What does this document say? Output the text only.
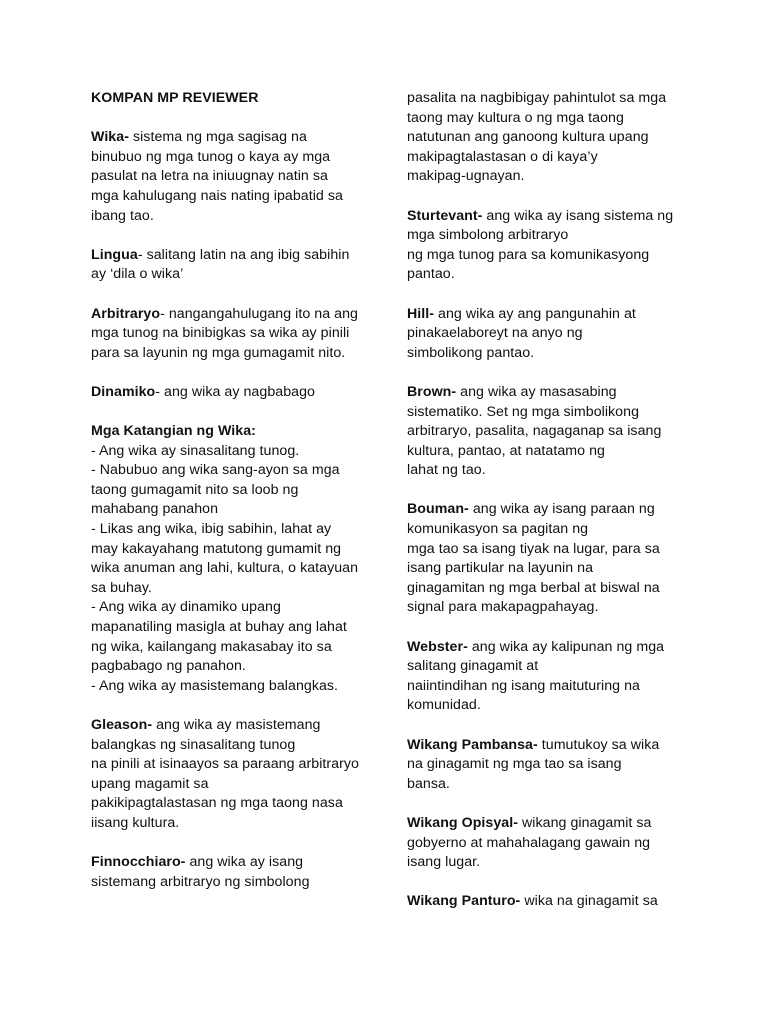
KOMPAN MP REVIEWER
Wika- sistema ng mga sagisag na
binubuo ng mga tunog o kaya ay mga
pasulat na letra na iniuugnay natin sa
mga kahulugang nais nating ipabatid sa
ibang tao.
Lingua- salitang latin na ang ibig sabihin
ay ‘dila o wika’
Arbitraryo- nangangahulugang ito na ang
mga tunog na binibigkas sa wika ay pinili
para sa layunin ng mga gumagamit nito.
Dinamiko- ang wika ay nagbabago
Mga Katangian ng Wika:
- Ang wika ay sinasalitang tunog.
- Nabubuo ang wika sang-ayon sa mga
taong gumagamit nito sa loob ng
mahabang panahon
- Likas ang wika, ibig sabihin, lahat ay
may kakayahang matutong gumamit ng
wika anuman ang lahi, kultura, o katayuan
sa buhay.
- Ang wika ay dinamiko upang
mapanatiling masigla at buhay ang lahat
ng wika, kailangang makasabay ito sa
pagbabago ng panahon.
- Ang wika ay masistemang balangkas.
Gleason- ang wika ay masistemang
balangkas ng sinasalitang tunog
na pinili at isinaayos sa paraang arbitraryo
upang magamit sa
pakikipagtalastasan ng mga taong nasa
iisang kultura.
Finnocchiaro- ang wika ay isang
sistemang arbitraryo ng simbolong
pasalita na nagbibigay pahintulot sa mga
taong may kultura o ng mga taong
natutunan ang ganoong kultura upang
makipagtalastasan o di kaya’y
makipag-ugnayan.
Sturtevant- ang wika ay isang sistema ng
mga simbolong arbitraryo
ng mga tunog para sa komunikasyong
pantao.
Hill- ang wika ay ang pangunahin at
pinakaelaboreyt na anyo ng
simbolikong pantao.
Brown- ang wika ay masasabing
sistematiko. Set ng mga simbolikong
arbitraryo, pasalita, nagaganap sa isang
kultura, pantao, at natatamo ng
lahat ng tao.
Bouman- ang wika ay isang paraan ng
komunikasyon sa pagitan ng
mga tao sa isang tiyak na lugar, para sa
isang partikular na layunin na
ginagamitan ng mga berbal at biswal na
signal para makapagpahayag.
Webster- ang wika ay kalipunan ng mga
salitang ginagamit at
naiintindihan ng isang maituturing na
komunidad.
Wikang Pambansa- tumutukoy sa wika
na ginagamit ng mga tao sa isang
bansa.
Wikang Opisyal- wikang ginagamit sa
gobyerno at mahahalagang gawain ng
isang lugar.
Wikang Panturo- wika na ginagamit sa
